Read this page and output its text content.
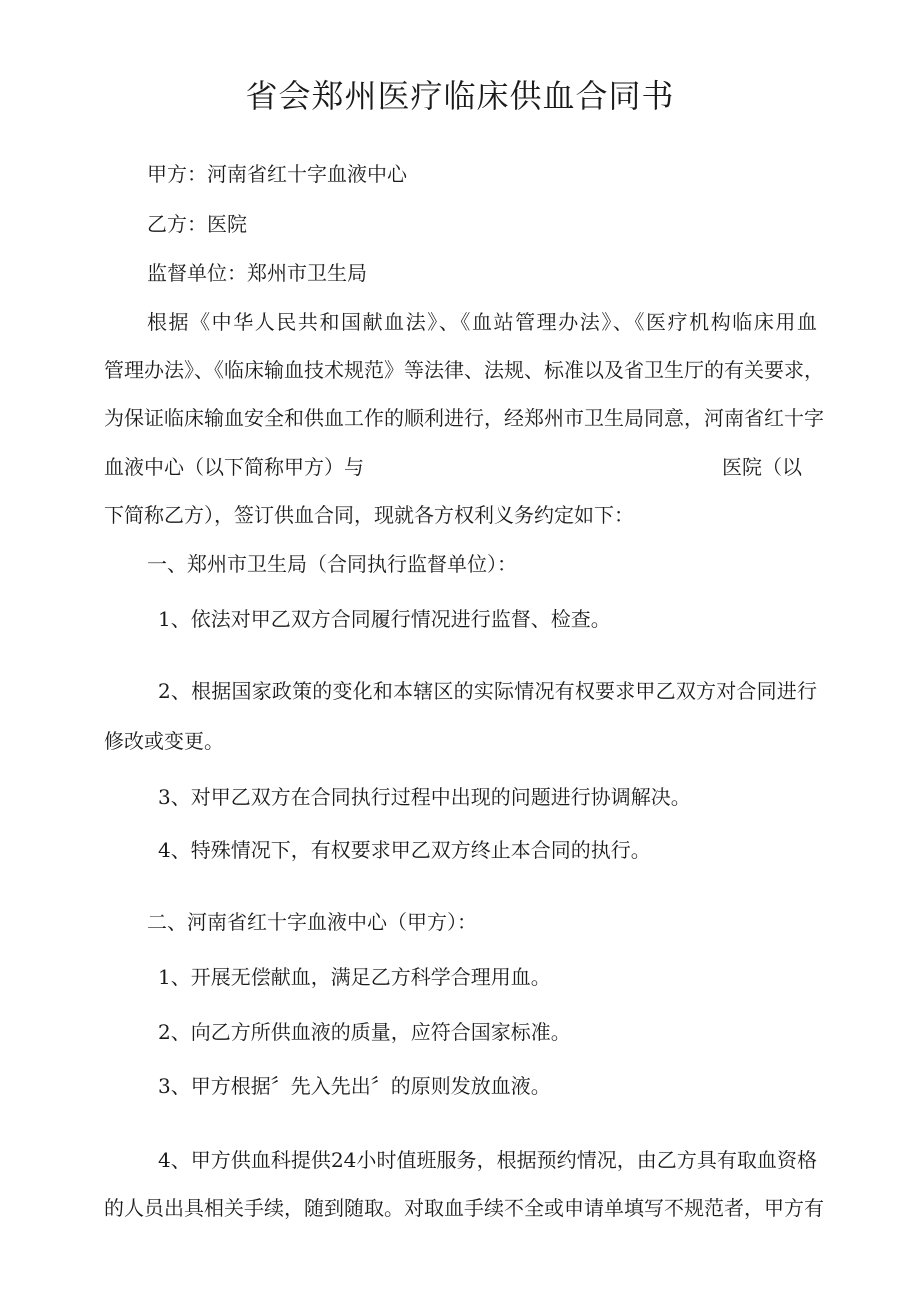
省会郑州医疗临床供血合同书

甲方：河南省红十字血液中心

乙方：医院

监督单位：郑州市卫生局

根据《中华人民共和国献血法》、《血站管理办法》、《医疗机构临床用血

管理办法》、《临床输血技术规范》等法律、法规、标准以及省卫生厅的有关要求，

为保证临床输血安全和供血工作的顺利进行，经郑州市卫生局同意，河南省红十字

血液中心（以下简称甲方）与	医院（以

下简称乙方），签订供血合同，现就各方权利义务约定如下：

一、郑州市卫生局（合同执行监督单位）：

1、依法对甲乙双方合同履行情况进行监督、检查。

2、根据国家政策的变化和本辖区的实际情况有权要求甲乙双方对合同进行

修改或变更。

3、对甲乙双方在合同执行过程中出现的问题进行协调解决。

4、特殊情况下，有权要求甲乙双方终止本合同的执行。

二、河南省红十字血液中心（甲方）：

1、开展无偿献血，满足乙方科学合理用血。

2、向乙方所供血液的质量，应符合国家标准。

3、甲方根据〞先入先出〞的原则发放血液。

4、甲方供血科提供24小时值班服务，根据预约情况，由乙方具有取血资格

的人员出具相关手续，随到随取。对取血手续不全或申请单填写不规范者，甲方有
